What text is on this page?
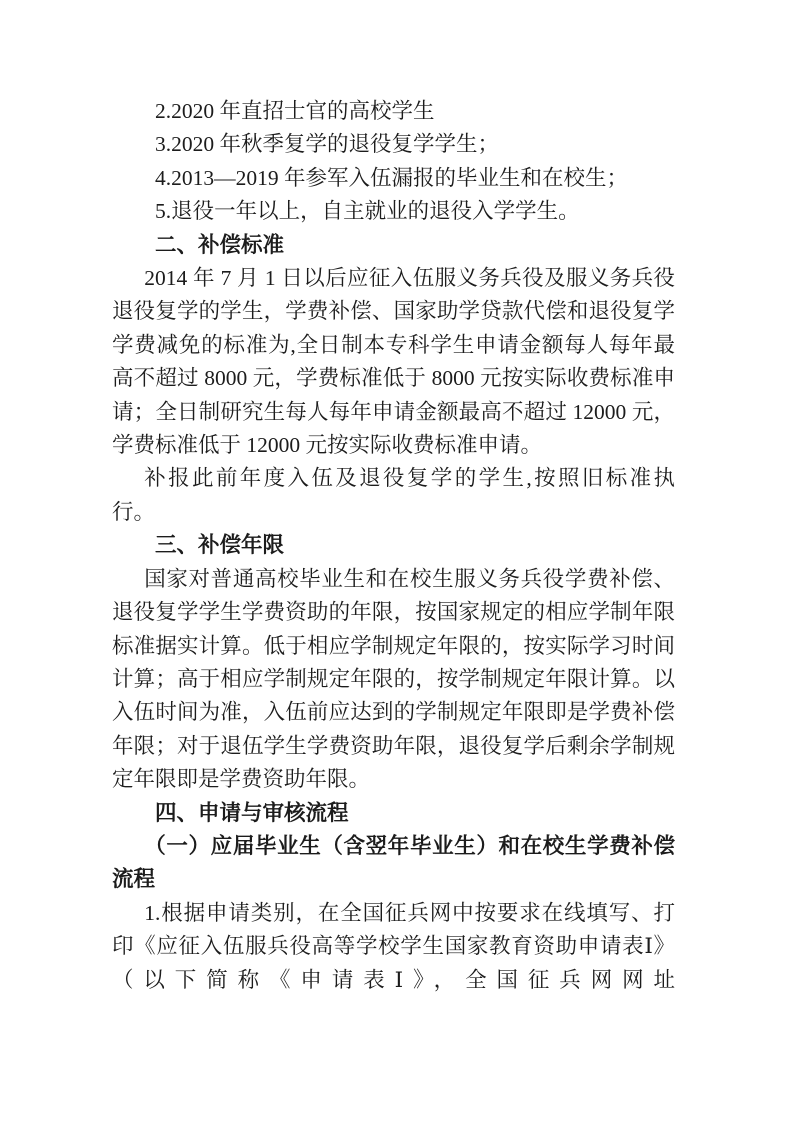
2.2020 年直招士官的高校学生
3.2020 年秋季复学的退役复学学生；
4.2013—2019 年参军入伍漏报的毕业生和在校生；
5.退役一年以上，自主就业的退役入学学生。
二、补偿标准
2014 年 7 月 1 日以后应征入伍服义务兵役及服义务兵役
退役复学的学生，学费补偿、国家助学贷款代偿和退役复学
学费减免的标准为,全日制本专科学生申请金额每人每年最
高不超过 8000 元，学费标准低于 8000 元按实际收费标准申
请；全日制研究生每人每年申请金额最高不超过 12000 元，
学费标准低于 12000 元按实际收费标准申请。
补报此前年度入伍及退役复学的学生,按照旧标准执
行。
三、补偿年限
国家对普通高校毕业生和在校生服义务兵役学费补偿、
退役复学学生学费资助的年限，按国家规定的相应学制年限
标准据实计算。低于相应学制规定年限的，按实际学习时间
计算；高于相应学制规定年限的，按学制规定年限计算。以
入伍时间为准，入伍前应达到的学制规定年限即是学费补偿
年限；对于退伍学生学费资助年限，退役复学后剩余学制规
定年限即是学费资助年限。
四、申请与审核流程
（一）应届毕业生（含翌年毕业生）和在校生学费补偿
流程
1.根据申请类别，在全国征兵网中按要求在线填写、打
印《应征入伍服兵役高等学校学生国家教育资助申请表Ⅰ》
（以下简称《申请表Ⅰ》，全国征兵网网址
